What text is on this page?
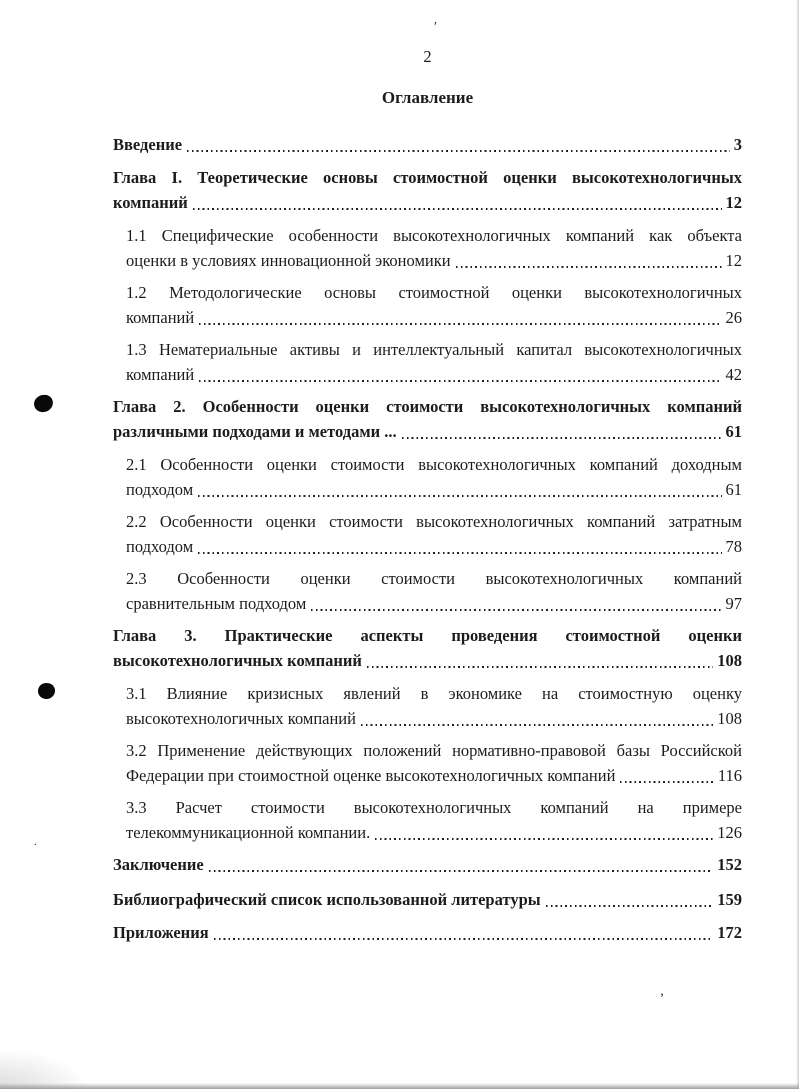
'
.
,
2
Оглавление
Введение	3
Глава I. Теоретические основы стоимостной оценки высокотехнологичных
компаний	12
1.1 Специфические особенности высокотехнологичных компаний как объекта
оценки в условиях инновационной экономики	12
1.2 Методологические основы стоимостной оценки высокотехнологичных
компаний	26
1.3 Нематериальные активы и интеллектуальный капитал высокотехнологичных
компаний	42
Глава 2. Особенности оценки стоимости высокотехнологичных компаний
различными подходами и методами ...	61
2.1 Особенности оценки стоимости высокотехнологичных компаний доходным
подходом	61
2.2 Особенности оценки стоимости высокотехнологичных компаний затратным
подходом	78
2.3 Особенности оценки стоимости высокотехнологичных компаний
сравнительным подходом	97
Глава 3. Практические аспекты проведения стоимостной оценки
высокотехнологичных компаний	108
3.1 Влияние кризисных явлений в экономике на стоимостную оценку
высокотехнологичных компаний	108
3.2 Применение действующих положений нормативно-правовой базы Российской
Федерации при стоимостной оценке высокотехнологичных компаний	116
3.3 Расчет стоимости высокотехнологичных компаний на примере
телекоммуникационной компании.	126
Заключение	152
Библиографический список использованной литературы	159
Приложения	172
